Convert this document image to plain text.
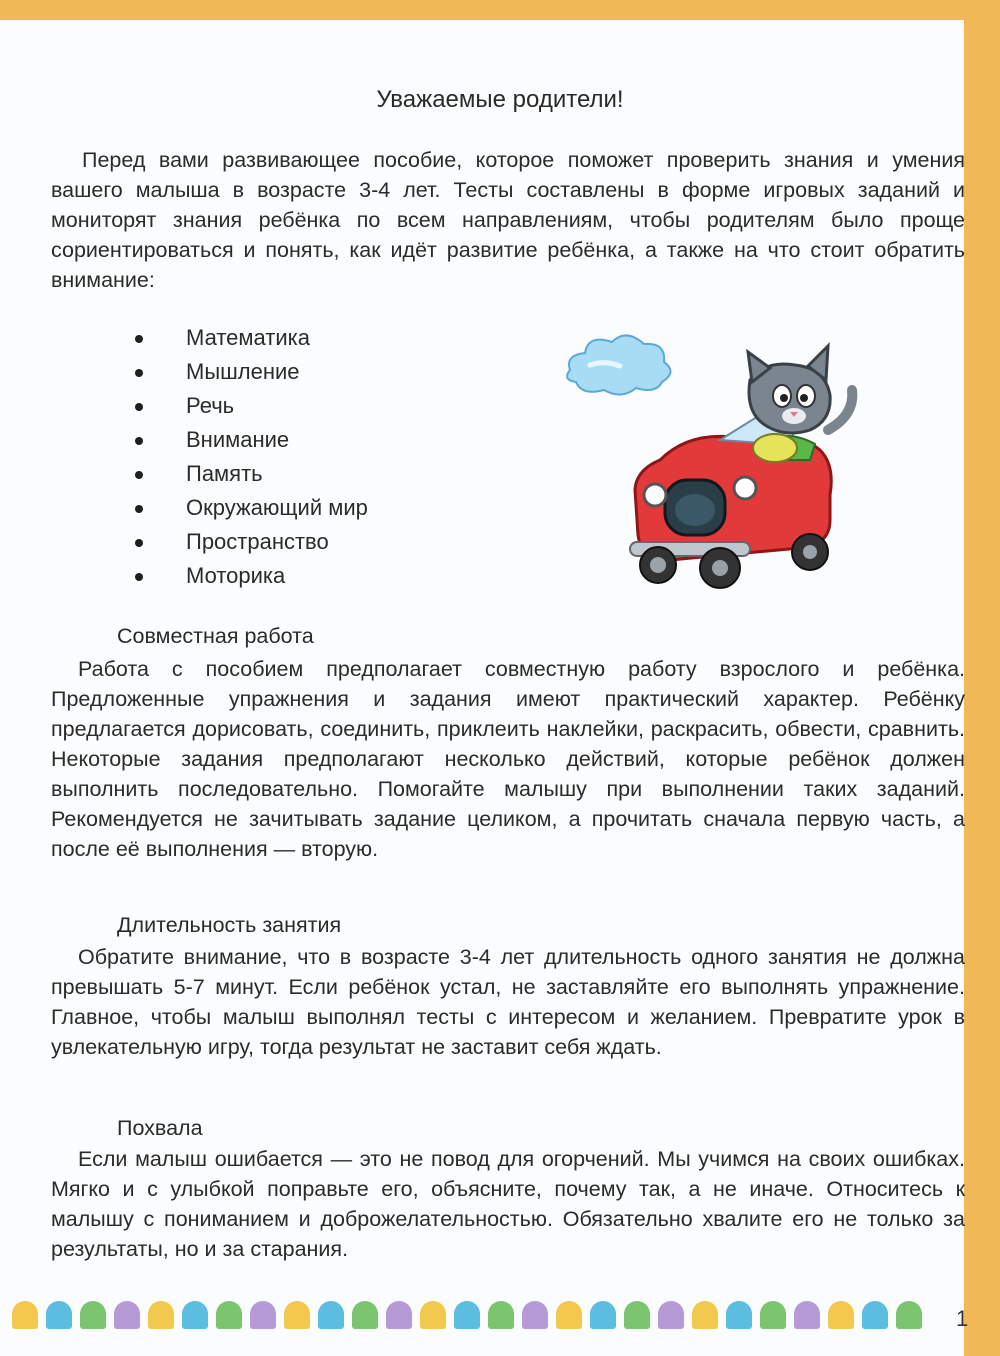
Уважаемые родители!

Перед вами развивающее пособие, которое поможет проверить знания и умения вашего малыша в возрасте 3-4 лет. Тесты составлены в форме игровых заданий и мониторят знания ребёнка по всем направлениям, чтобы родителям было проще сориентироваться и понять, как идёт развитие ребёнка, а также на что стоит обратить внимание:

Математика
Мышление
Речь
Внимание
Память
Окружающий мир
Пространство
Моторика
Совместная работа

Работа с пособием предполагает совместную работу взрослого и ребёнка. Предложенные упражнения и задания имеют практический характер. Ребёнку предлагается дорисовать, соединить, приклеить наклейки, раскрасить, обвести, сравнить. Некоторые задания предполагают несколько действий, которые ребёнок должен выполнить последовательно. Помогайте малышу при выполнении таких заданий. Рекомендуется не зачитывать задание целиком, а прочитать сначала первую часть, а после её выполнения — вторую.

Длительность занятия

Обратите внимание, что в возрасте 3-4 лет длительность одного занятия не должна превышать 5-7 минут. Если ребёнок устал, не заставляйте его выполнять упражнение. Главное, чтобы малыш выполнял тесты с интересом и желанием. Превратите урок в увлекательную игру, тогда результат не заставит себя ждать.

Похвала

Если малыш ошибается — это не повод для огорчений. Мы учимся на своих ошибках. Мягко и с улыбкой поправьте его, объясните, почему так, а не иначе. Относитесь к малышу с пониманием и доброжелательностью. Обязательно хвалите его не только за результаты, но и за старания.

1
